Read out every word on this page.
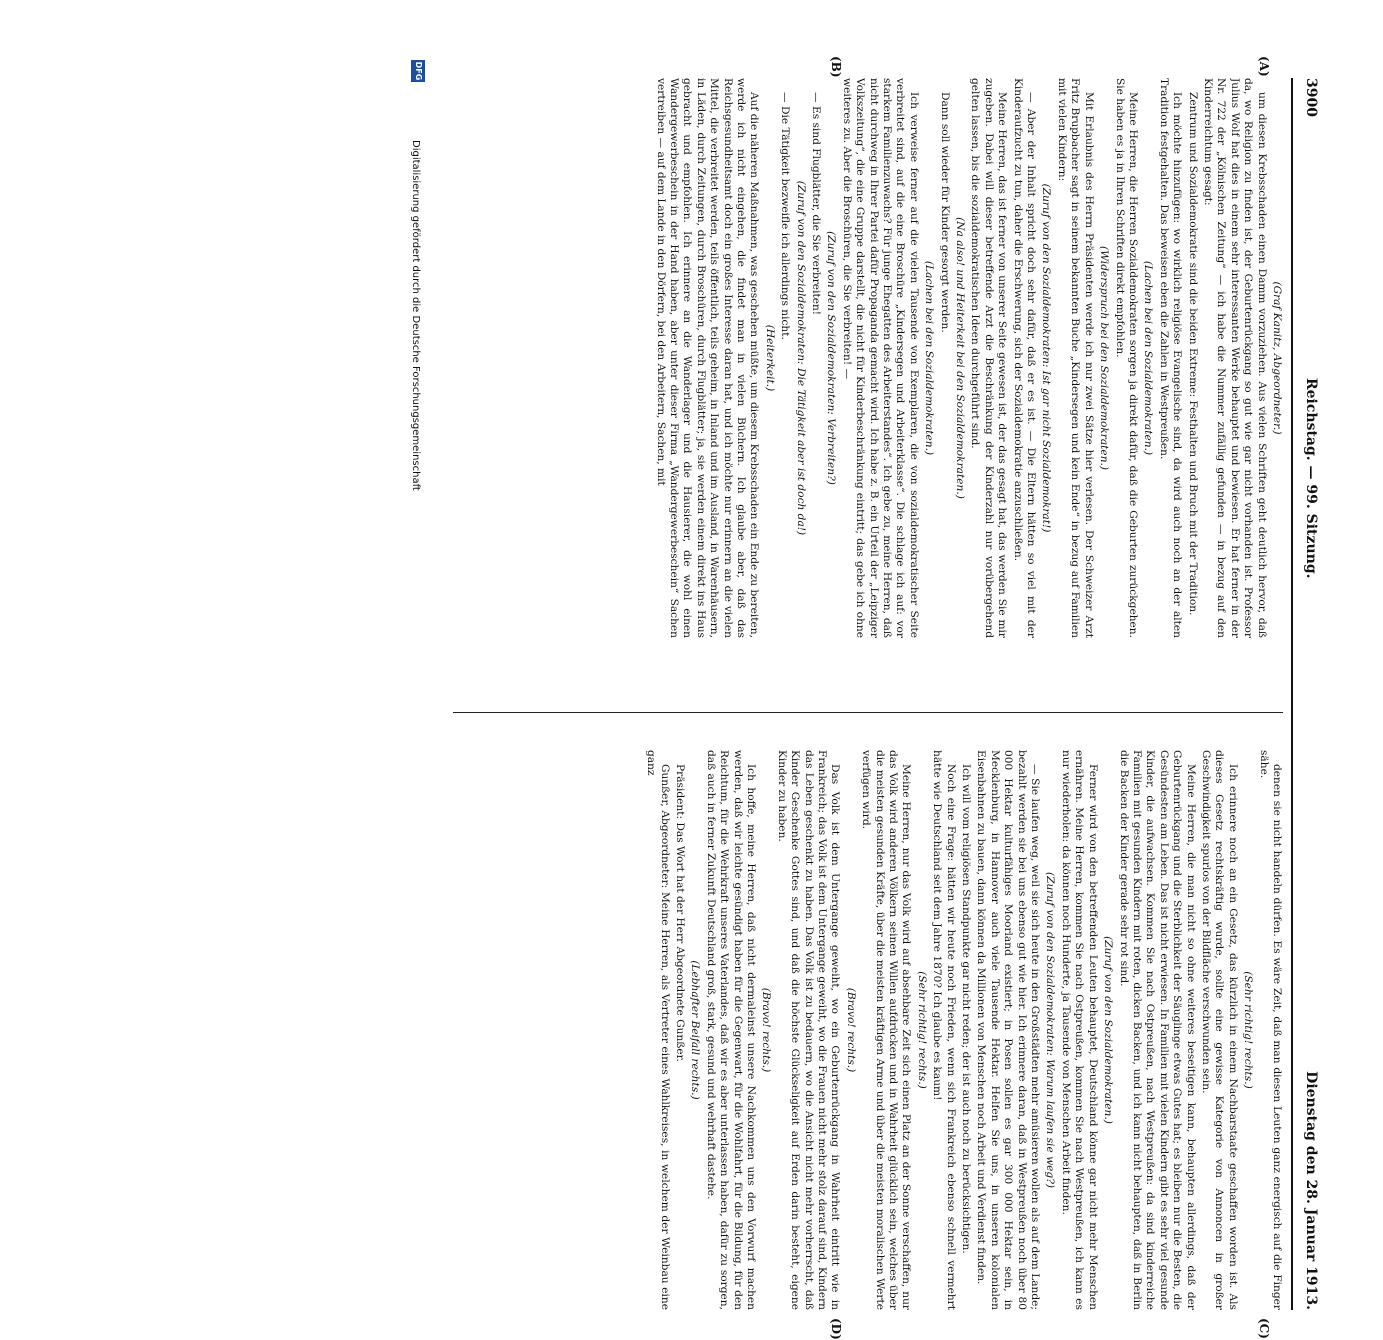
3900
Reichstag. — 99. Sitzung.
Dienstag den 28. Januar 1913.
(A)
(B)
(C)
(D)

(Graf Kanitz, Abgeordneter.)

um diesen Krebsschaden einen Damm vorzuziehen. Aus vielen Schriften geht deutlich hervor, daß da, wo Religion zu finden ist, der Geburtenrückgang so gut wie gar nicht vorhanden ist. Professor Julius Wolf hat dies in einem sehr interessanten Werke behauptet und bewiesen. Er hat ferner in der Nr. 722 der „Kölnischen Zeitung“ — ich habe die Nummer zufällig gefunden — in bezug auf den Kinderreichtum gesagt:

Zentrum und Sozialdemokratie sind die beiden Extreme: Festhalten und Bruch mit der Tradition.

Ich möchte hinzufügen: wo wirklich religiöse Evangelische sind, da wird auch noch an der alten Tradition festgehalten. Das beweisen eben die Zahlen in Westpreußen.

(Lachen bei den Sozialdemokraten.)

Meine Herren, die Herren Sozialdemokraten sorgen ja direkt dafür, daß die Geburten zurückgehen. Sie haben es ja in Ihren Schriften direkt empfohlen.

(Widerspruch bei den Sozialdemokraten.)

Mit Erlaubnis des Herrn Präsidenten werde ich nur zwei Sätze hier verlesen. Der Schweizer Arzt Fritz Brupbacher sagt in seinem bekannten Buche „Kindersegen und kein Ende“ in bezug auf Familien mit vielen Kindern:

(Zuruf von den Sozialdemokraten: Ist gar nicht Sozialdemokrat!)

— Aber der Inhalt spricht doch sehr dafür, daß er es ist. — Die Eltern hätten so viel mit der Kinderaufzucht zu tun, daher die Erschwerung, sich der Sozialdemokratie anzuschließen.

Meine Herren, das ist ferner von unserer Seite gewesen ist, der das gesagt hat, das werden Sie mir zugeben. Dabei will dieser betreffende Arzt die Beschränkung der Kinderzahl nur vorübergehend gelten lassen, bis die sozialdemokratischen Ideen durchgeführt sind.

(Na also! und Heiterkeit bei den Sozialdemokraten.)

Dann soll wieder für Kinder gesorgt werden.

(Lachen bei den Sozialdemokraten.)

Ich verweise ferner auf die vielen Tausende von Exemplaren, die von sozialdemokratischer Seite verbreitet sind, auf die eine Broschüre „Kindersegen und Arbeiterklasse“. Die schlage ich auf: vor starkem Familienzuwachs? Für junge Ehegatten des Arbeiterstandes“. Ich gebe zu, meine Herren, daß nicht durchweg in Ihrer Partei dafür Propaganda gemacht wird. Ich habe z. B. ein Urteil der „Leipziger Volkszeitung“, die eine Gruppe darstellt, die nicht für Kinderbeschränkung eintritt; das gebe ich ohne weiteres zu. Aber die Broschüren, die Sie verbreiten! —

(Zuruf von den Sozialdemokraten: Verbreiten?)

— Es sind Flugblätter, die Sie verbreiten!

(Zuruf von den Sozialdemokraten: Die Tätigkeit aber ist doch da!)

— Die Tätigkeit bezweifle ich allerdings nicht.

(Heiterkeit.)

Auf die näheren Maßnahmen, was geschehen müßte, um diesem Krebsschaden ein Ende zu bereiten, werde ich nicht eingehen, die findet man in vielen Büchern. Ich glaube aber, daß das Reichsgesundheitsamt doch ein großes Interesse daran hat, und ich möchte nur erinnern an die vielen Mittel, die verbreitet werden, teils öffentlich, teils geheim, in Inland und im Ausland, in Warenhäusern, in Läden, durch Zeitungen, durch Broschüren, durch Flugblätter; ja, sie werden einem direkt ins Haus gebracht und empfohlen. Ich erinnere an die Wanderlager und die Hausierer, die wohl einen Wandergewerbeschein in der Hand haben, aber unter dieser Firma „Wandergewerbeschein“ Sachen vertreiben — auf dem Lande in den Dörfern, bei den Arbeitern, Sachen, mit

denen sie nicht handeln dürfen. Es wäre Zeit, daß man diesen Leuten ganz energisch auf die Finger sähe.

(Sehr richtig! rechts.)

Ich erinnere noch an ein Gesetz, das kürzlich in einem Nachbarstaate geschaffen worden ist. Als dieses Gesetz rechtskräftig wurde, sollte eine gewisse Kategorie von Annoncen in großer Geschwindigkeit spurlos von der Bildfläche verschwunden sein.

Meine Herren, die man nicht so ohne weiteres beseitigen kann, behaupten allerdings, daß der Geburtenrückgang und die Sterblichkeit der Säuglinge etwas Gutes hat; es bleiben nur die Besten, die Gesündesten am Leben. Das ist nicht erwiesen. In Familien mit vielen Kindern gibt es sehr viel gesunde Kinder, die aufwachsen. Kommen Sie nach Ostpreußen, nach Westpreußen: da sind kinderreiche Familien mit gesunden Kindern mit roten, dicken Backen, und ich kann nicht behaupten, daß in Berlin die Backen der Kinder gerade sehr rot sind.

(Zuruf von den Sozialdemokraten.)

Ferner wird von den betreffenden Leuten behauptet, Deutschland könne gar nicht mehr Menschen ernähren. Meine Herren, kommen Sie nach Ostpreußen, kommen Sie nach Westpreußen, ich kann es nur wiederholen: da können noch Hunderte, ja Tausende von Menschen Arbeit finden.

(Zuruf von den Sozialdemokraten: Warum laufen sie weg?)

— Sie laufen weg, weil sie sich heute in den Großstädten mehr amüsieren wollen als auf dem Lande; bezahlt werden sie bei uns ebenso gut wie hier. Ich erinnere daran, daß in Westpreußen noch über 80 000 Hektar kulturfähiges Moorland existiert; in Posen sollen es gar 300 000 Hektar sein, in Mecklenburg, in Hannover auch viele Tausende Hektar. Helfen Sie uns, in unseren kolonialen Eisenbahnen zu bauen, dann können da Millionen von Menschen noch Arbeit und Verdienst finden.

Ich will vom religiösen Standpunkte gar nicht reden; der ist auch noch zu berücksichtigen.

Noch eine Frage: hätten wir heute noch Frieden, wenn sich Frankreich ebenso schnell vermehrt hätte wie Deutschland seit dem Jahre 1870? Ich glaube es kaum!

(Sehr richtig! rechts.)

Meine Herren, nur das Volk wird auf absehbare Zeit sich einen Platz an der Sonne verschaffen, nur das Volk wird anderen Völkern seinen Willen aufdrücken und in Wahrheit glücklich sein, welches über die meisten gesunden Kräfte, über die meisten kräftigen Arme und über die meisten moralischen Werte verfügen wird.

(Bravo! rechts.)

Das Volk ist dem Untergange geweiht, wo ein Geburtenrückgang in Wahrheit eintritt wie in Frankreich; das Volk ist dem Untergange geweiht, wo die Frauen nicht mehr stolz darauf sind, Kindern das Leben geschenkt zu haben. Das Volk ist zu bedauern, wo die Ansicht nicht mehr vorherrscht, daß Kinder Geschenke Gottes sind, und daß die höchste Glückseligkeit auf Erden darin besteht, eigene Kinder zu haben.

(Bravo! rechts.)

Ich hoffe, meine Herren, daß nicht dermaleinst unsere Nachkommen uns den Vorwurf machen werden, daß wir leichte gesündigt haben für die Gegenwart, für die Wohlfahrt, für die Bildung, für den Reichtum, für die Wehrkraft unseres Vaterlandes, daß wir es aber unterlassen haben, dafür zu sorgen, daß auch in ferner Zukunft Deutschland groß, stark, gesund und wehrhaft dastehe.

(Lebhafter Beifall rechts.)

Präsident: Das Wort hat der Herr Abgeordnete Gunßer.

Gunßer, Abgeordneter: Meine Herren, als Vertreter eines Wahlkreises, in welchem der Weinbau eine ganz

DFG
Digitalisierung gefördert durch die Deutsche Forschungsgemeinschaft
